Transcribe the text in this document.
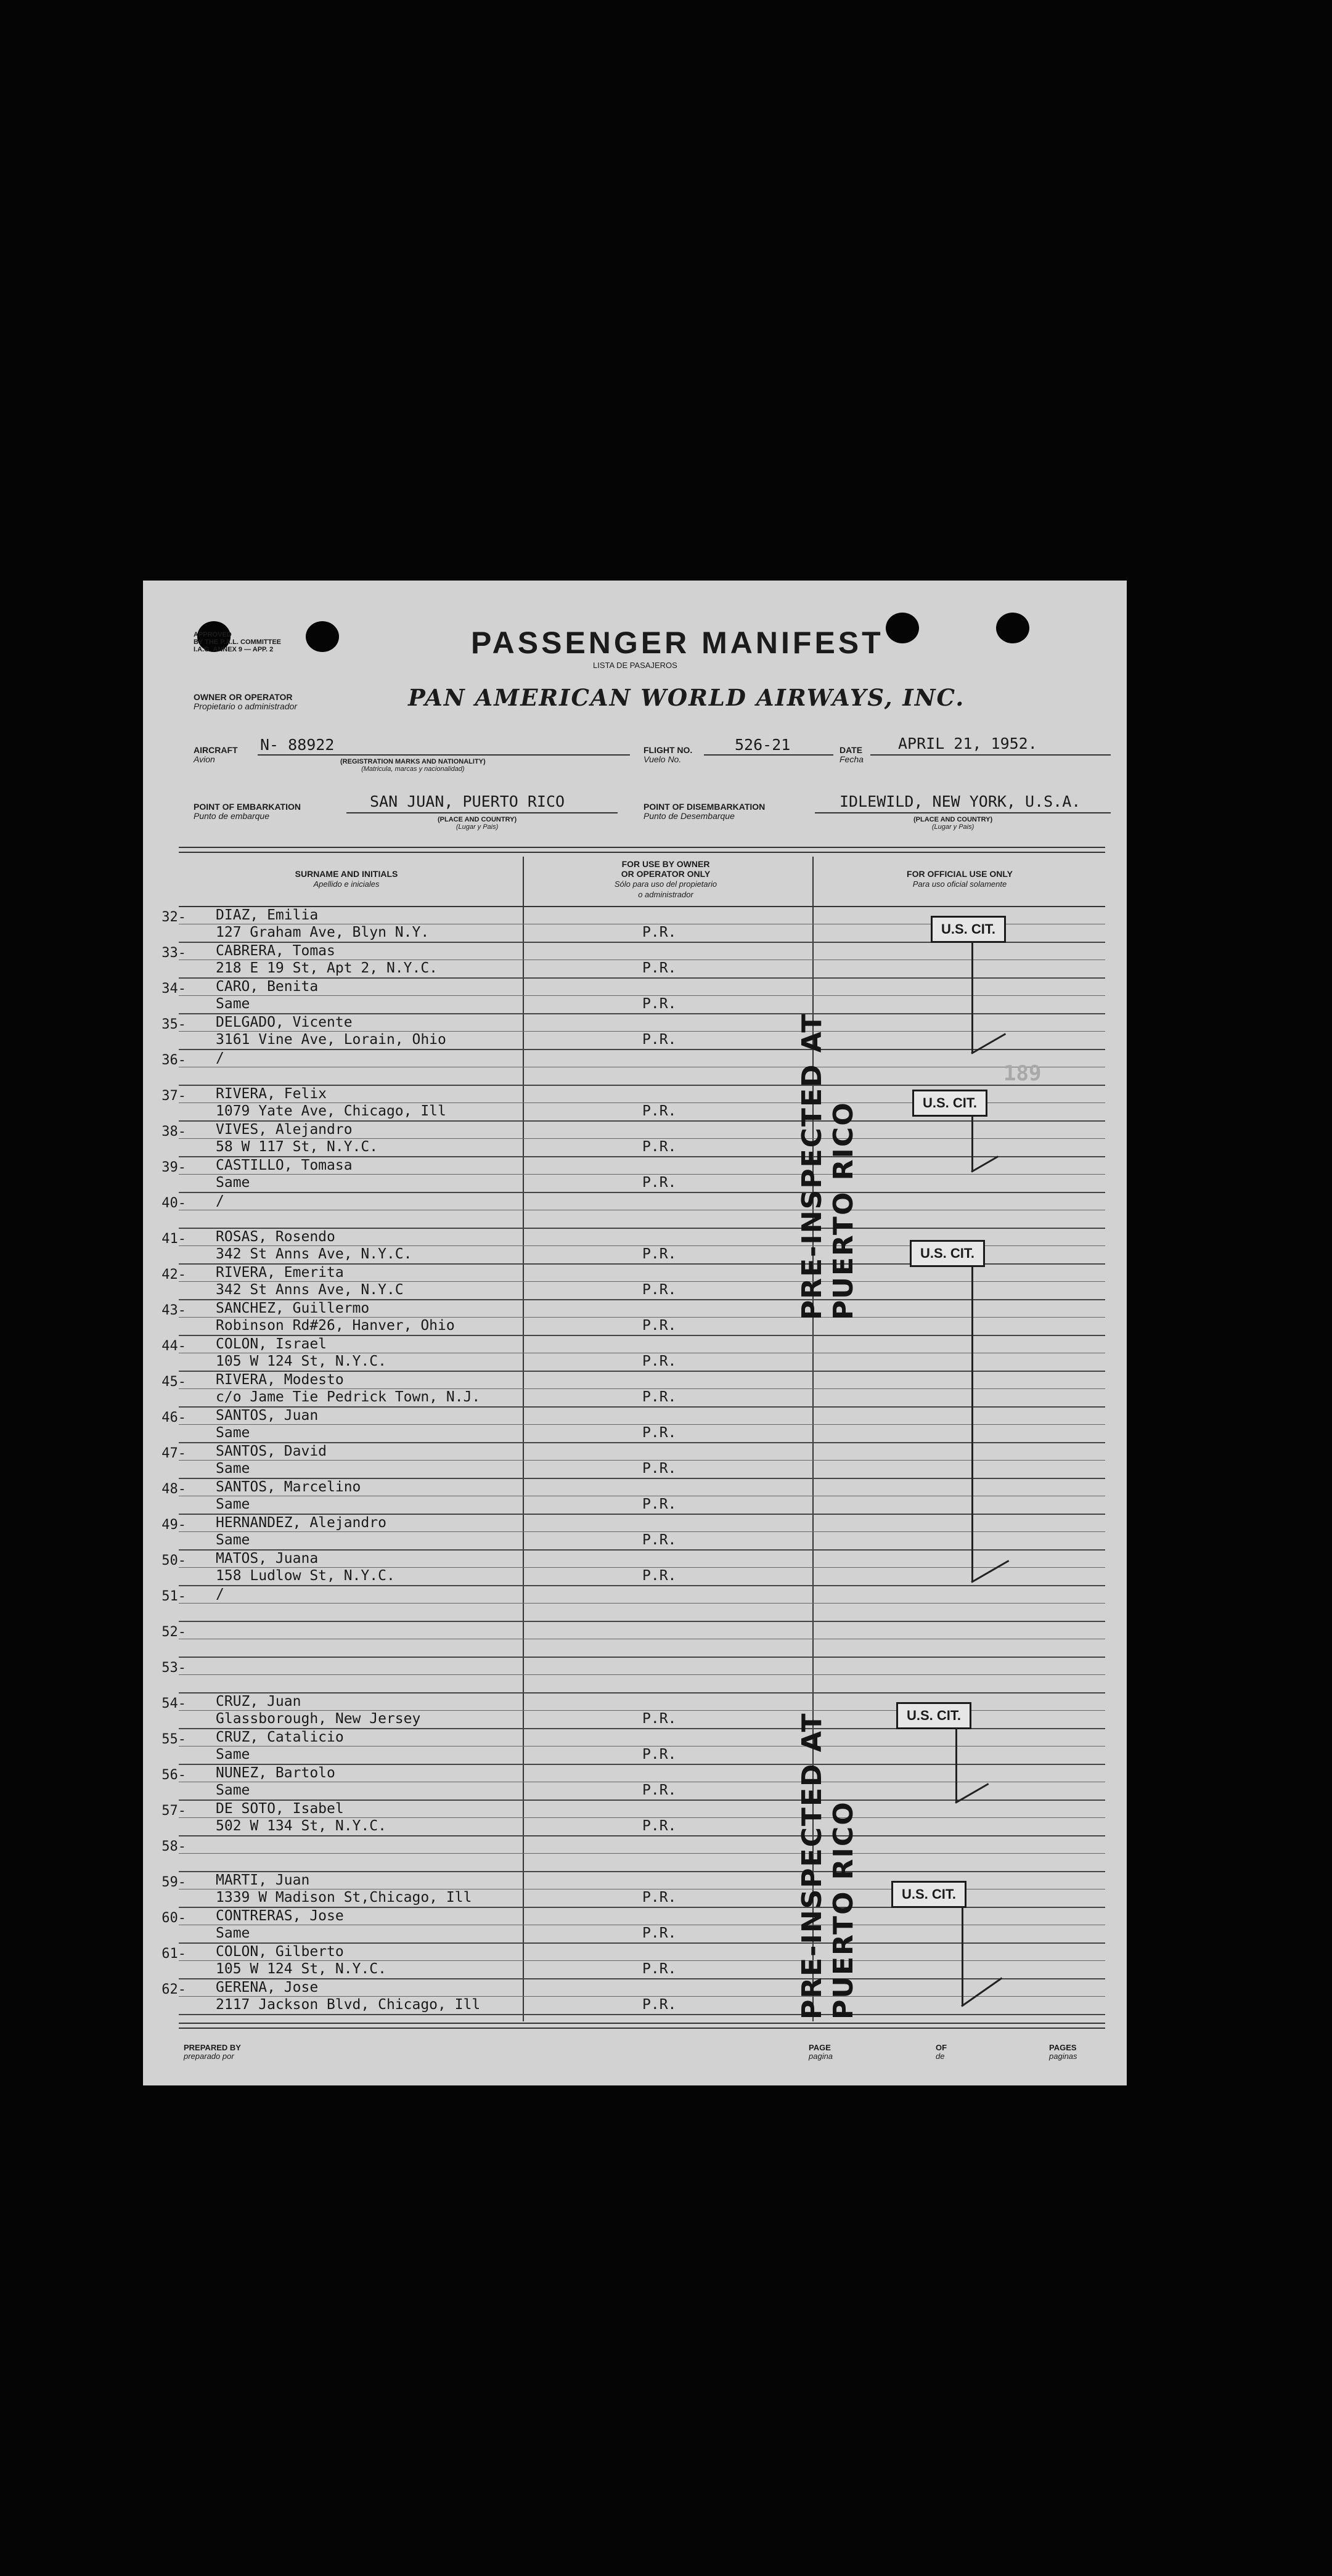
APPROVED
BY THE P.A.L. COMMITTEE
I.A.G. ANNEX 9 — APP. 2	PASSENGER MANIFEST
LISTA DE PASAJEROS
OWNER OR OPERATOR
Propietario o administrador	PAN AMERICAN WORLD AIRWAYS, INC.
AIRCRAFT
Avion
N- 88922
(REGISTRATION MARKS AND NATIONALITY)
(Matricula, marcas y nacionalidad)
FLIGHT NO.
Vuelo No.
526-21	DATE
Fecha
APRIL 21, 1952.
POINT OF EMBARKATION
Punto de embarque
SAN JUAN, PUERTO RICO
(PLACE AND COUNTRY)
(Lugar y Pais)
POINT OF DISEMBARKATION
Punto de Desembarque
IDLEWILD, NEW YORK, U.S.A.
(PLACE AND COUNTRY)
(Lugar y Pais)
SURNAME AND INITIALS
Apellido e iniciales
FOR USE BY OWNER
OR OPERATOR ONLY
Sólo para uso del propietario
o administrador
FOR OFFICIAL USE ONLY
Para uso oficial solamente
32- DIAZ, Emilia
127 Graham Ave, Blyn N.Y.	P.R.
33- CABRERA, Tomas
218 E 19 St, Apt 2, N.Y.C.	P.R.
34- CARO, Benita
Same	P.R.
35- DELGADO, Vicente
3161 Vine Ave, Lorain, Ohio	P.R.
36- /
37- RIVERA, Felix
1079 Yate Ave, Chicago, Ill	P.R.
38- VIVES, Alejandro
58 W 117 St, N.Y.C.	P.R.
39- CASTILLO, Tomasa
Same	P.R.
40- /
41- ROSAS, Rosendo
342 St Anns Ave, N.Y.C.	P.R.
42- RIVERA, Emerita
342 St Anns Ave, N.Y.C	P.R.
43- SANCHEZ, Guillermo
Robinson Rd#26, Hanver, Ohio	P.R.
44- COLON, Israel
105 W 124 St, N.Y.C.	P.R.
45- RIVERA, Modesto
c/o Jame Tie Pedrick Town, N.J.	P.R.
46- SANTOS, Juan
Same	P.R.
47- SANTOS, David
Same	P.R.
48- SANTOS, Marcelino
Same	P.R.
49- HERNANDEZ, Alejandro
Same	P.R.
50- MATOS, Juana
158 Ludlow St, N.Y.C.	P.R.
51- /
52-
53-
54- CRUZ, Juan
Glassborough, New Jersey	P.R.
55- CRUZ, Catalicio
Same	P.R.
56- NUNEZ, Bartolo
Same	P.R.
57- DE SOTO, Isabel
502 W 134 St, N.Y.C.	P.R.
58-
59- MARTI, Juan
1339 W Madison St,Chicago, Ill	P.R.
60- CONTRERAS, Jose
Same	P.R.
61- COLON, Gilberto
105 W 124 St, N.Y.C.	P.R.
62- GERENA, Jose
2117 Jackson Blvd, Chicago, Ill	P.R.
PRE-INSPECTED AT PUERTO RICO
PRE-INSPECTED AT PUERTO RICO
U.S. CIT.
U.S. CIT.
U.S. CIT.
U.S. CIT.
U.S. CIT.
189
PREPARED BY
preparado por
PAGE
pagina
OF
de
PAGES
paginas
